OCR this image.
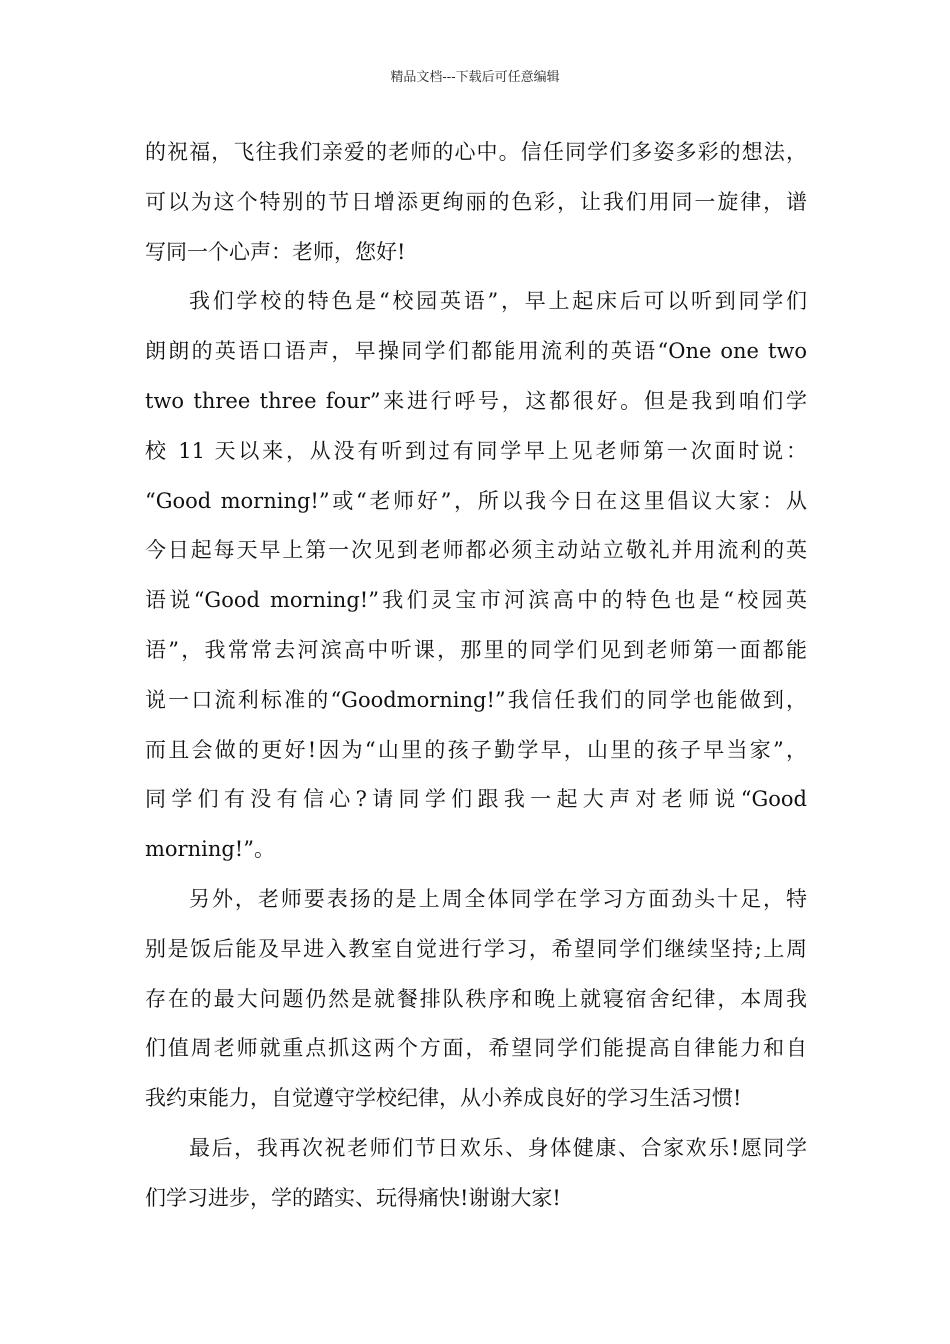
精品文档---下载后可任意编辑
的祝福，飞往我们亲爱的老师的心中。信任同学们多姿多彩的想法，
可以为这个特别的节日增添更绚丽的色彩，让我们用同一旋律，谱
写同一个心声：老师，您好!
我们学校的特色是“校园英语”，早上起床后可以听到同学们
朗朗的英语口语声，早操同学们都能用流利的英语“One one two
two three three four”来进行呼号，这都很好。但是我到咱们学
校 11 天以来，从没有听到过有同学早上见老师第一次面时说：
“Good morning!”或“老师好”，所以我今日在这里倡议大家：从
今日起每天早上第一次见到老师都必须主动站立敬礼并用流利的英
语说“Good morning!”我们灵宝市河滨高中的特色也是“校园英
语”，我常常去河滨高中听课，那里的同学们见到老师第一面都能
说一口流利标准的“Goodmorning!”我信任我们的同学也能做到，
而且会做的更好!因为“山里的孩子勤学早，山里的孩子早当家”，
同学们有没有信心?请同学们跟我一起大声对老师说“Good
morning!”。
另外，老师要表扬的是上周全体同学在学习方面劲头十足，特
别是饭后能及早进入教室自觉进行学习，希望同学们继续坚持;上周
存在的最大问题仍然是就餐排队秩序和晚上就寝宿舍纪律，本周我
们值周老师就重点抓这两个方面，希望同学们能提高自律能力和自
我约束能力，自觉遵守学校纪律，从小养成良好的学习生活习惯!
最后，我再次祝老师们节日欢乐、身体健康、合家欢乐!愿同学
们学习进步，学的踏实、玩得痛快!谢谢大家!
